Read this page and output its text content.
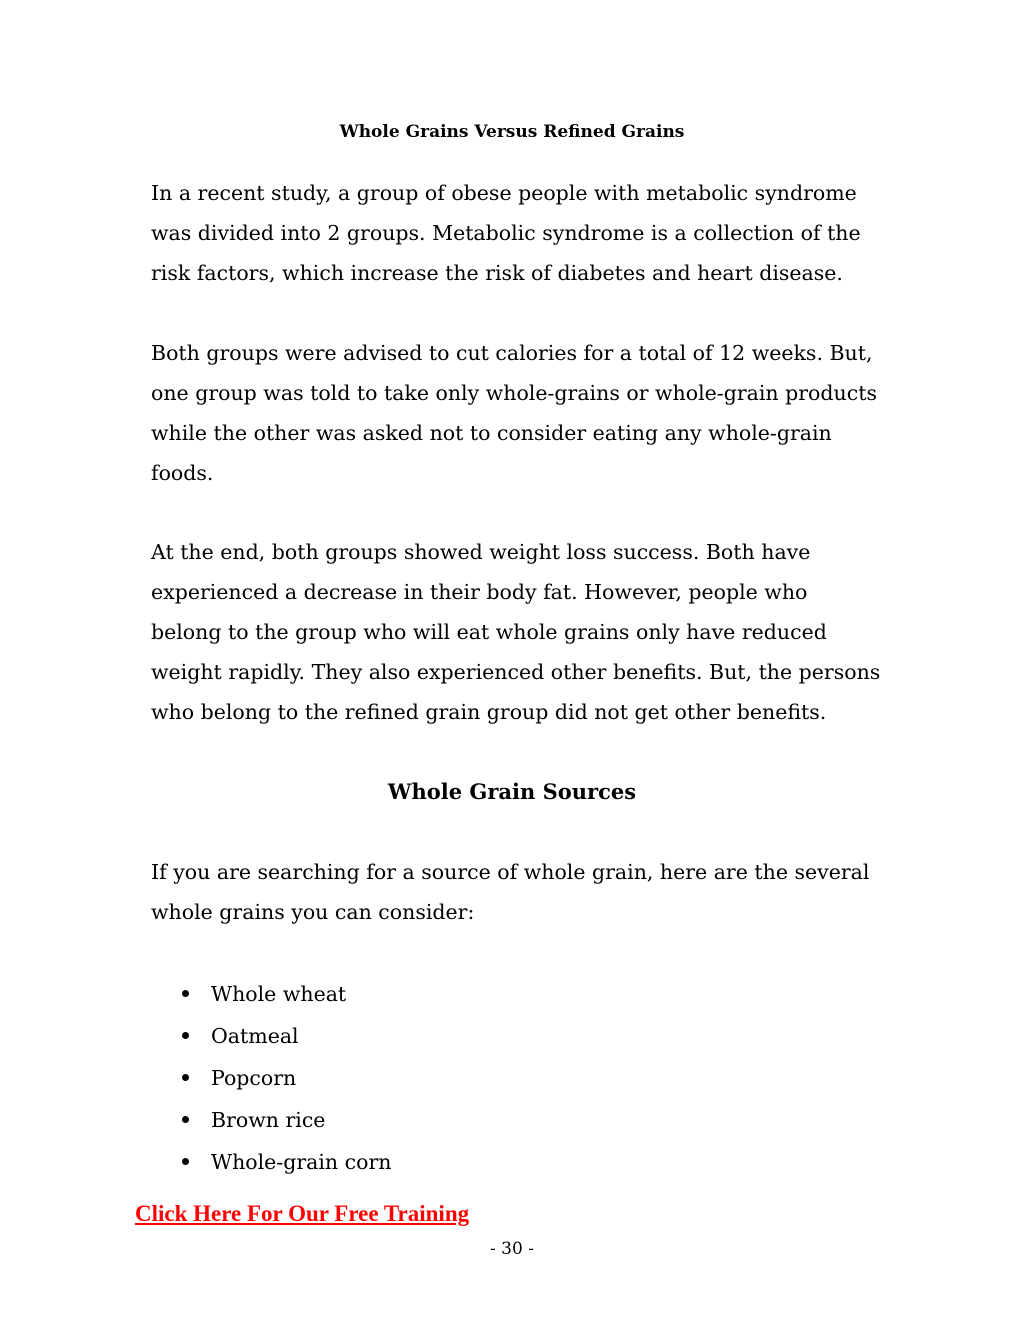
Whole Grains Versus Refined Grains

In a recent study, a group of obese people with metabolic syndrome was divided into 2 groups. Metabolic syndrome is a collection of the risk factors, which increase the risk of diabetes and heart disease.

Both groups were advised to cut calories for a total of 12 weeks. But, one group was told to take only whole-grains or whole-grain products while the other was asked not to consider eating any whole-grain foods.

At the end, both groups showed weight loss success. Both have experienced a decrease in their body fat. However, people who belong to the group who will eat whole grains only have reduced weight rapidly. They also experienced other benefits. But, the persons who belong to the refined grain group did not get other benefits.

Whole Grain Sources

If you are searching for a source of whole grain, here are the several whole grains you can consider:

Whole wheat
Oatmeal
Popcorn
Brown rice
Whole-grain corn
Click Here For Our Free Training
- 30 -
